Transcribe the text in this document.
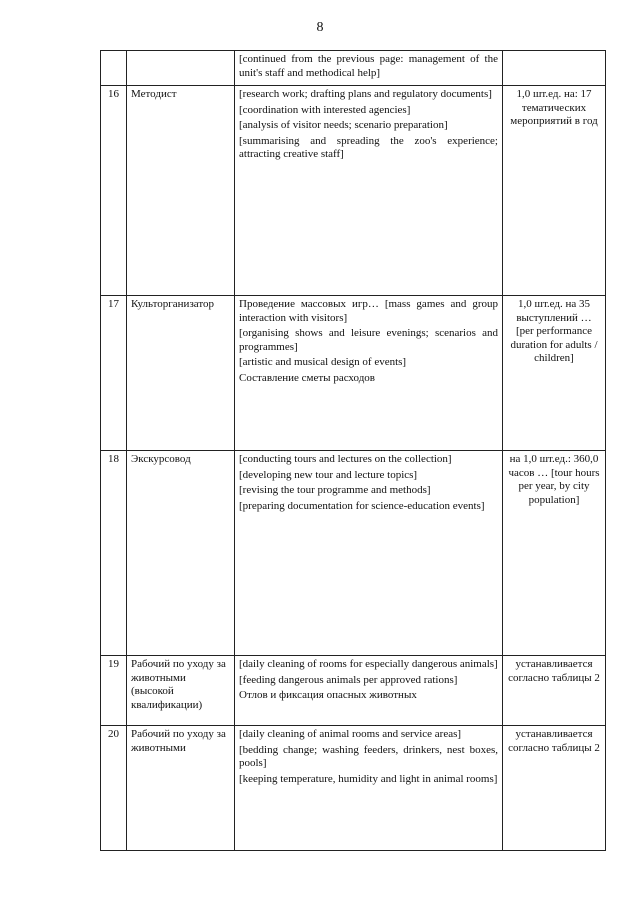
8

		[continued from the previous page: management of the unit's staff and methodical help]	

16	Методист	[research work; drafting plans and regulatory documents]

[coordination with interested agencies]

[analysis of visitor needs; scenario preparation]

[summarising and spreading the zoo's experience; attracting creative staff]	1,0 шт.ед. на: 17 тематических мероприятий в год
17	Культорганизатор	Проведение массовых игр… [mass games and group interaction with visitors]

[organising shows and leisure evenings; scenarios and programmes]

[artistic and musical design of events]

Составление сметы расходов	1,0 шт.ед. на 35 выступлений … [per performance duration for adults / children]
18	Экскурсовод	[conducting tours and lectures on the collection]

[developing new tour and lecture topics]

[revising the tour programme and methods]

[preparing documentation for science-education events]	на 1,0 шт.ед.: 360,0 часов … [tour hours per year, by city population]
19	Рабочий по уходу за животными (высокой квалификации)	[daily cleaning of rooms for especially dangerous animals]

[feeding dangerous animals per approved rations]

Отлов и фиксация опасных животных	устанавливается согласно таблицы 2
20	Рабочий по уходу за животными	[daily cleaning of animal rooms and service areas]

[bedding change; washing feeders, drinkers, nest boxes, pools]

[keeping temperature, humidity and light in animal rooms]	устанавливается согласно таблицы 2
